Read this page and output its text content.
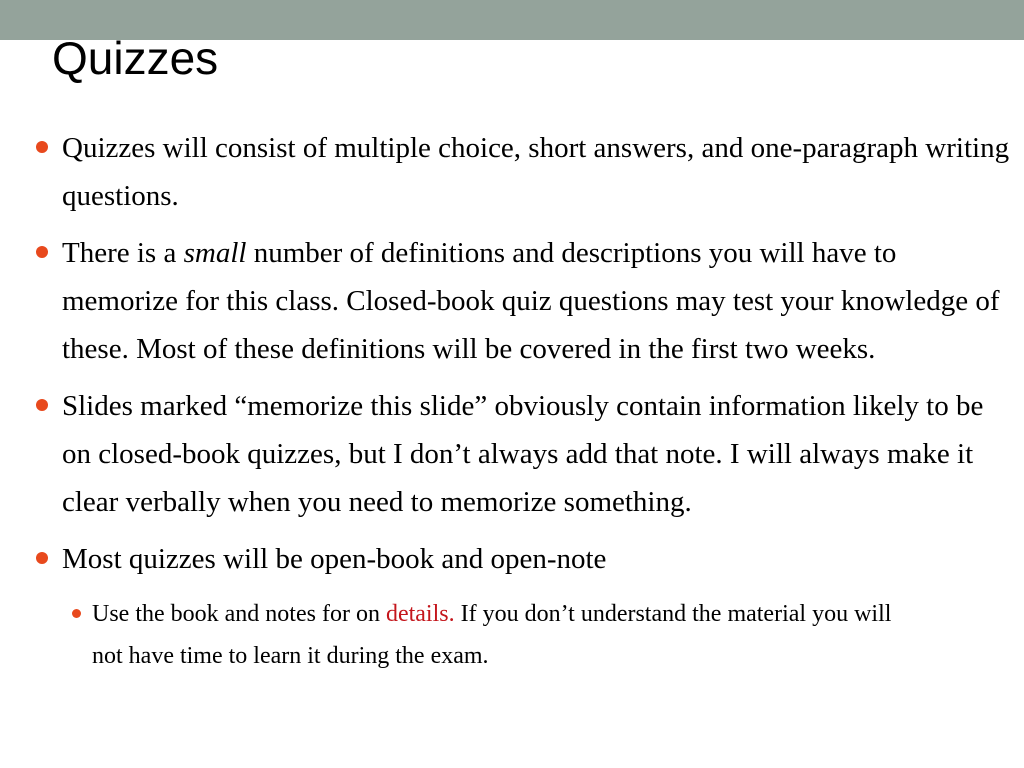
Quizzes
Quizzes will consist of multiple choice, short answers, and one-paragraph writing questions.
There is a small number of definitions and descriptions you will have to memorize for this class. Closed-book quiz questions may test your knowledge of these. Most of these definitions will be covered in the first two weeks.
Slides marked “memorize this slide” obviously contain information likely to be on closed-book quizzes, but I don’t always add that note. I will always make it clear verbally when you need to memorize something.
Most quizzes will be open-book and open-note
Use the book and notes for on details. If you don’t understand the material you will not have time to learn it during the exam.
